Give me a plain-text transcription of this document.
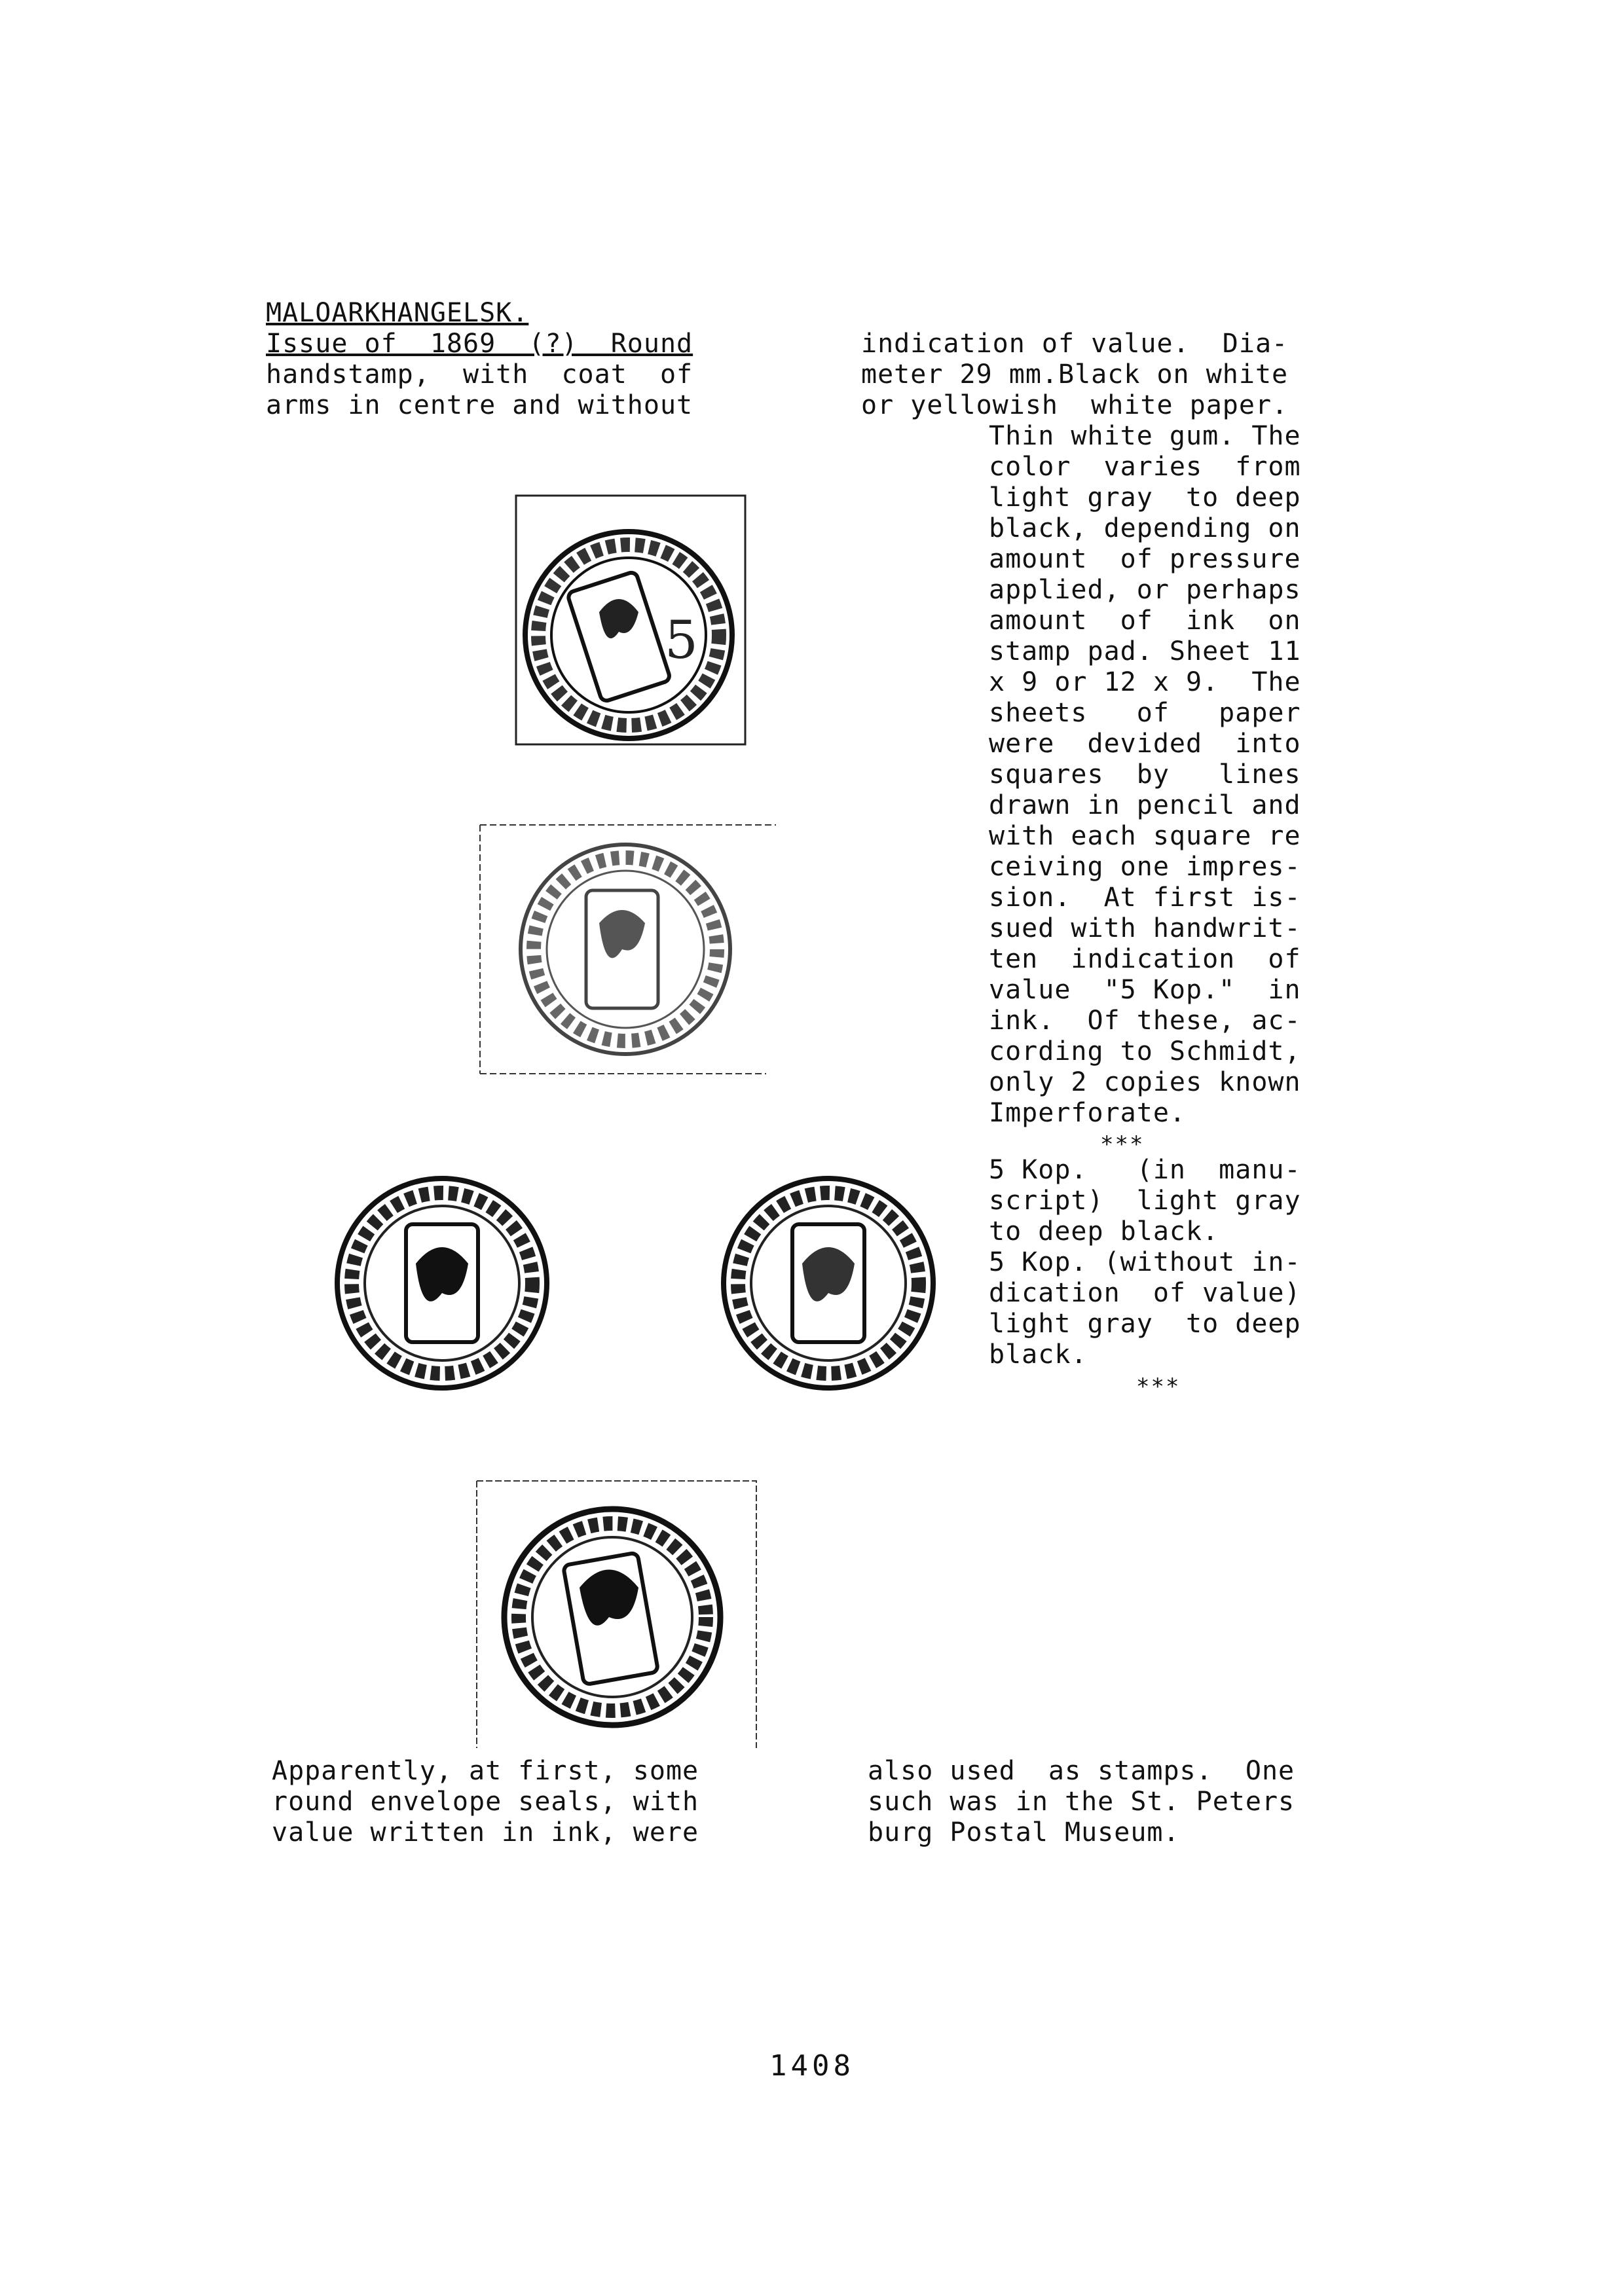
MALOARKHANGELSK.
Issue of  1869  (?)  Round
handstamp,  with  coat  of
arms in centre and without
indication of value.  Dia-
meter 29 mm.Black on white
or yellowish  white paper.
Thin white gum. The
color  varies  from
light gray  to deep
black, depending on
amount  of pressure
applied, or perhaps
amount  of  ink  on
stamp pad. Sheet 11
x 9 or 12 x 9.  The
sheets   of   paper
were  devided  into
squares  by   lines
drawn in pencil and
with each square re
ceiving one impres-
sion.  At first is-
sued with handwrit-
ten  indication  of
value  "5 Kop."  in
ink.  Of these, ac-
cording to Schmidt,
only 2 copies known
Imperforate.
***
5 Kop.   (in  manu-
script)  light gray
to deep black.
5 Kop. (without in-
dication  of value)
light gray  to deep
black.
***
5
Apparently, at first, some
round envelope seals, with
value written in ink, were
also used  as stamps.  One
such was in the St. Peters
burg Postal Museum.
1408
